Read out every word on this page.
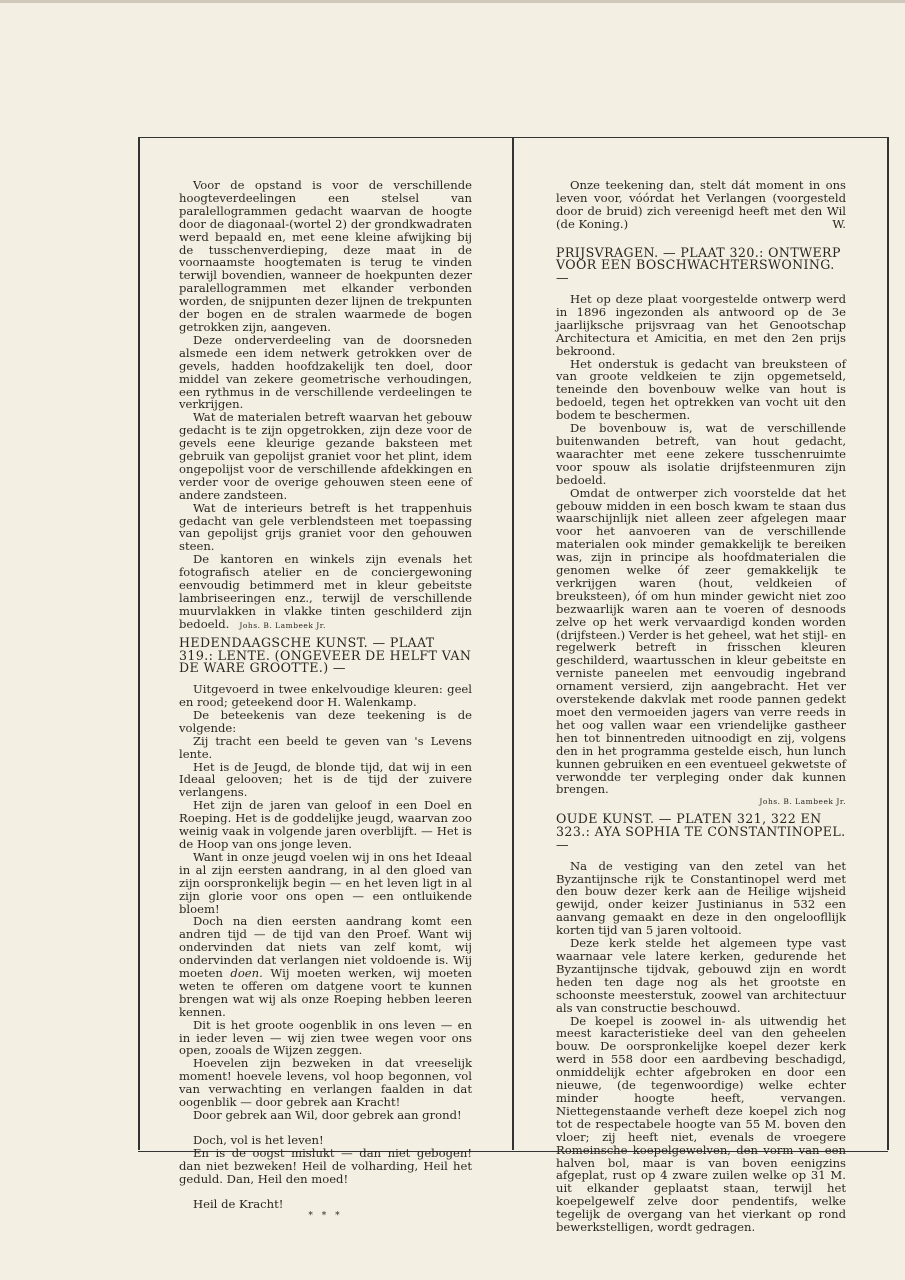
Voor de opstand is voor de verschillende hoogteverdeelingen een stelsel van paralellogrammen gedacht waarvan de hoogte door de diagonaal-(wortel 2) der grondkwadraten werd bepaald en, met eene kleine afwijking bij de tusschenverdieping, deze maat in de voornaamste hoogtematen is terug te vinden terwijl bovendien, wanneer de hoekpunten dezer paralellogrammen met elkander verbonden worden, de snijpunten dezer lijnen de trekpunten der bogen en de stralen waarmede de bogen getrokken zijn, aangeven.

Deze onderverdeeling van de doorsneden alsmede een idem netwerk getrokken over de gevels, hadden hoofdzakelijk ten doel, door middel van zekere geometrische verhoudingen, een rythmus in de verschillende verdeelingen te verkrijgen.

Wat de materialen betreft waarvan het gebouw gedacht is te zijn opgetrokken, zijn deze voor de gevels eene kleurige gezande baksteen met gebruik van gepolijst graniet voor het plint, idem ongepolijst voor de verschillende afdekkingen en verder voor de overige gehouwen steen eene of andere zandsteen.

Wat de interieurs betreft is het trappenhuis gedacht van gele verblendsteen met toepassing van gepolijst grijs graniet voor den gehouwen steen.

De kantoren en winkels zijn evenals het fotografisch atelier en de conciergewoning eenvoudig betimmerd met in kleur gebeitste lambriseeringen enz., terwijl de verschillende muurvlakken in vlakke tinten geschilderd zijn bedoeld. Johs. B. Lambeek Jr.

HEDENDAAGSCHE KUNST. — PLAAT 319.: LENTE. (ONGEVEER DE HELFT VAN DE WARE GROOTTE.) —

Uitgevoerd in twee enkelvoudige kleuren: geel en rood; geteekend door H. Walenkamp.

De beteekenis van deze teekening is de volgende:

Zij tracht een beeld te geven van 's Levens lente.

Het is de Jeugd, de blonde tijd, dat wij in een Ideaal gelooven; het is de tijd der zuivere verlangens.

Het zijn de jaren van geloof in een Doel en Roeping. Het is de goddelijke jeugd, waarvan zoo weinig vaak in volgende jaren overblijft. — Het is de Hoop van ons jonge leven.

Want in onze jeugd voelen wij in ons het Ideaal in al zijn eersten aandrang, in al den gloed van zijn oorspronkelijk begin — en het leven ligt in al zijn glorie voor ons open — een ontluikende bloem!

Doch na dien eersten aandrang komt een andren tijd — de tijd van den Proef. Want wij ondervinden dat niets van zelf komt, wij ondervinden dat verlangen niet voldoende is. Wij moeten doen. Wij moeten werken, wij moeten weten te offeren om datgene voort te kunnen brengen wat wij als onze Roeping hebben leeren kennen.

Dit is het groote oogenblik in ons leven — en in ieder leven — wij zien twee wegen voor ons open, zooals de Wijzen zeggen.

Hoevelen zijn bezweken in dat vreeselijk moment! hoevele levens, vol hoop begonnen, vol van verwachting en verlangen faalden in dat oogenblik — door gebrek aan Kracht!

Door gebrek aan Wil, door gebrek aan grond!

Doch, vol is het leven!

En is de oogst mislukt — dan niet gebogen! dan niet bezweken! Heil de volharding, Heil het geduld. Dan, Heil den moed!

Heil de Kracht!

* * *

Onze teekening dan, stelt dát moment in ons leven voor, vóórdat het Verlangen (voorgesteld door de bruid) zich vereenigd heeft met den Wil (de Koning.)	W.

PRIJSVRAGEN. — PLAAT 320.: ONTWERP VOOR EEN BOSCHWACHTERSWONING. —

Het op deze plaat voorgestelde ontwerp werd in 1896 ingezonden als antwoord op de 3e jaarlijksche prijsvraag van het Genootschap Architectura et Amicitia, en met den 2en prijs bekroond.

Het onderstuk is gedacht van breuksteen of van groote veldkeien te zijn opgemetseld, teneinde den bovenbouw welke van hout is bedoeld, tegen het optrekken van vocht uit den bodem te beschermen.

De bovenbouw is, wat de verschillende buitenwanden betreft, van hout gedacht, waarachter met eene zekere tusschenruimte voor spouw als isolatie drijfsteenmuren zijn bedoeld.

Omdat de ontwerper zich voorstelde dat het gebouw midden in een bosch kwam te staan dus waarschijnlijk niet alleen zeer afgelegen maar voor het aanvoeren van de verschillende materialen ook minder gemakkelijk te bereiken was, zijn in principe als hoofdmaterialen die genomen welke óf zeer gemakkelijk te verkrijgen waren (hout, veldkeien of breuksteen), óf om hun minder gewicht niet zoo bezwaarlijk waren aan te voeren of desnoods zelve op het werk vervaardigd konden worden (drijfsteen.) Verder is het geheel, wat het stijl- en regelwerk betreft in frisschen kleuren geschilderd, waartusschen in kleur gebeitste en verniste paneelen met eenvoudig ingebrand ornament versierd, zijn aangebracht. Het ver overstekende dakvlak met roode pannen gedekt moet den vermoeiden jagers van verre reeds in het oog vallen waar een vriendelijke gastheer hen tot binnentreden uitnoodigt en zij, volgens den in het programma gestelde eisch, hun lunch kunnen gebruiken en een eventueel gekwetste of verwondde ter verpleging onder dak kunnen brengen.

Johs. B. Lambeek Jr.

OUDE KUNST. — PLATEN 321, 322 EN 323.: AYA SOPHIA TE CONSTANTINOPEL. —

Na de vestiging van den zetel van het Byzantijnsche rijk te Constantinopel werd met den bouw dezer kerk aan de Heilige wijsheid gewijd, onder keizer Justinianus in 532 een aanvang gemaakt en deze in den ongeloofllijk korten tijd van 5 jaren voltooid.

Deze kerk stelde het algemeen type vast waarnaar vele latere kerken, gedurende het Byzantijnsche tijdvak, gebouwd zijn en wordt heden ten dage nog als het grootste en schoonste meesterstuk, zoowel van architectuur als van constructie beschouwd.

De koepel is zoowel in- als uitwendig het meest karacteristieke deel van den geheelen bouw. De oorspronkelijke koepel dezer kerk werd in 558 door een aardbeving beschadigd, onmiddelijk echter afgebroken en door een nieuwe, (de tegenwoordige) welke echter minder hoogte heeft, vervangen. Niettegenstaande verheft deze koepel zich nog tot de respectabele hoogte van 55 M. boven den vloer; zij heeft niet, evenals de vroegere Romeinsche koepelgewelven, den vorm van een halven bol, maar is van boven eenigzins afgeplat, rust op 4 zware zuilen welke op 31 M. uit elkander geplaatst staan, terwijl het koepelgewelf zelve door pendentifs, welke tegelijk de overgang van het vierkant op rond bewerkstelligen, wordt gedragen.
